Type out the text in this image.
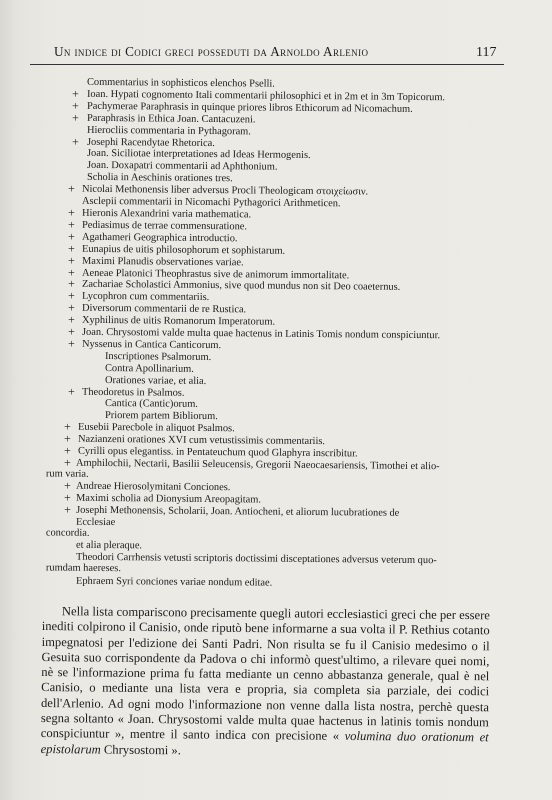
Un indice di Codici greci posseduti da Arnoldo Arlenio	117
Commentarius in sophisticos elenchos Pselli.
+ Ioan. Hypati cognomento Itali commentarii philosophici et in 2m et in 3m Topicorum.
+ Pachymerae Paraphrasis in quinque priores libros Ethicorum ad Nicomachum.
+ Paraphrasis in Ethica Joan. Cantacuzeni.
Hierocliis commentaria in Pythagoram.
+ Josephi Racendytae Rhetorica.
Joan. Siciliotae interpretationes ad Ideas Hermogenis.
Joan. Doxapatri commentarii ad Aphthonium.
Scholia in Aeschinis orationes tres.
+ Nicolai Methonensis liber adversus Procli Theologicam στοιχείωσιν.
Asclepii commentarii in Nicomachi Pythagorici Arithmeticen.
+ Hieronis Alexandrini varia mathematica.
+ Pediasimus de terrae commensuratione.
+ Agathameri Geographica introductio.
+ Eunapius de uitis philosophorum et sophistarum.
+ Maximi Planudis observationes variae.
+ Aeneae Platonici Theophrastus sive de animorum immortalitate.
+ Zachariae Scholastici Ammonius, sive quod mundus non sit Deo coaeternus.
+ Lycophron cum commentariis.
+ Diversorum commentarii de re Rustica.
+ Xyphilinus de uitis Romanorum Imperatorum.
+ Joan. Chrysostomi valde multa quae hactenus in Latinis Tomis nondum conspiciuntur.
+ Nyssenus in Cantica Canticorum.
Inscriptiones Psalmorum.
Contra Apollinarium.
Orationes variae, et alia.
+ Theodoretus in Psalmos.
Cantica (Cantic)orum.
Priorem partem Bibliorum.
+ Eusebii Parecbole in aliquot Psalmos.
+ Nazianzeni orationes XVI cum vetustissimis commentariis.
+ Cyrilli opus elegantiss. in Pentateuchum quod Glaphyra inscribitur.
+ Amphilochii, Nectarii, Basilii Seleucensis, Gregorii Naeocaesariensis, Timothei et alio-
rum varia.
+ Andreae Hierosolymitani Conciones.
+ Maximi scholia ad Dionysium Areopagitam.
+ Josephi Methonensis, Scholarii, Joan. Antiocheni, et aliorum lucubrationes de Ecclesiae
concordia.
et alia pleraque.
Theodori Carrhensis vetusti scriptoris doctissimi disceptationes adversus veterum quo-
rumdam haereses.
Ephraem Syri conciones variae nondum editae.
Nella lista compariscono precisamente quegli autori ecclesiastici greci che per essere inediti colpirono il Canisio, onde riputò bene informarne a sua volta il P. Rethius cotanto impegnatosi per l'edizione dei Santi Padri. Non risulta se fu il Canisio medesimo o il Gesuita suo corrispondente da Padova o chi informò quest'ultimo, a rilevare quei nomi, nè se l'informazione prima fu fatta mediante un cenno abbastanza generale, qual è nel Canisio, o mediante una lista vera e propria, sia completa sia parziale, dei codici dell'Arlenio. Ad ogni modo l'informazione non venne dalla lista nostra, perchè questa segna soltanto « Joan. Chrysostomi valde multa quae hactenus in latinis tomis nondum conspiciuntur », mentre il santo indica con precisione « volumina duo orationum et epistolarum Chrysostomi ».
